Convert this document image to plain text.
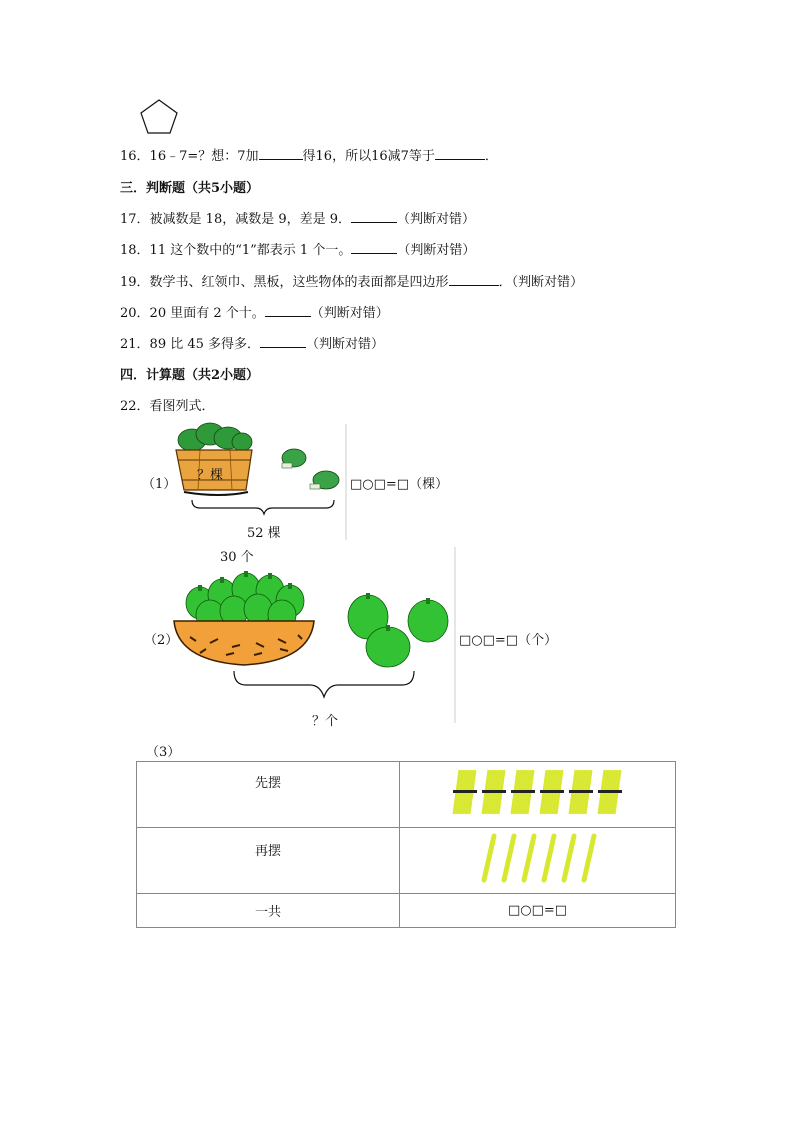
16．16﹣7=？想：7加	得16，所以16减7等于	．
三．判断题（共5小题）
17．被减数是 18，减数是 9，差是 9．	（判断对错）
18．11 这个数中的“1”都表示 1 个一。	（判断对错）
19．数学书、红领巾、黑板，这些物体的表面都是四边形	．（判断对错）
20．20 里面有 2 个十。	（判断对错）
21．89 比 45 多得多．	（判断对错）
四．计算题（共2小题）
22．看图列式．
（1）
？棵
52 棵
□○□=□（棵）
30 个
（2）
？个
□○□=□（个）
（3）
先摆

再摆

一共	□○□=□
